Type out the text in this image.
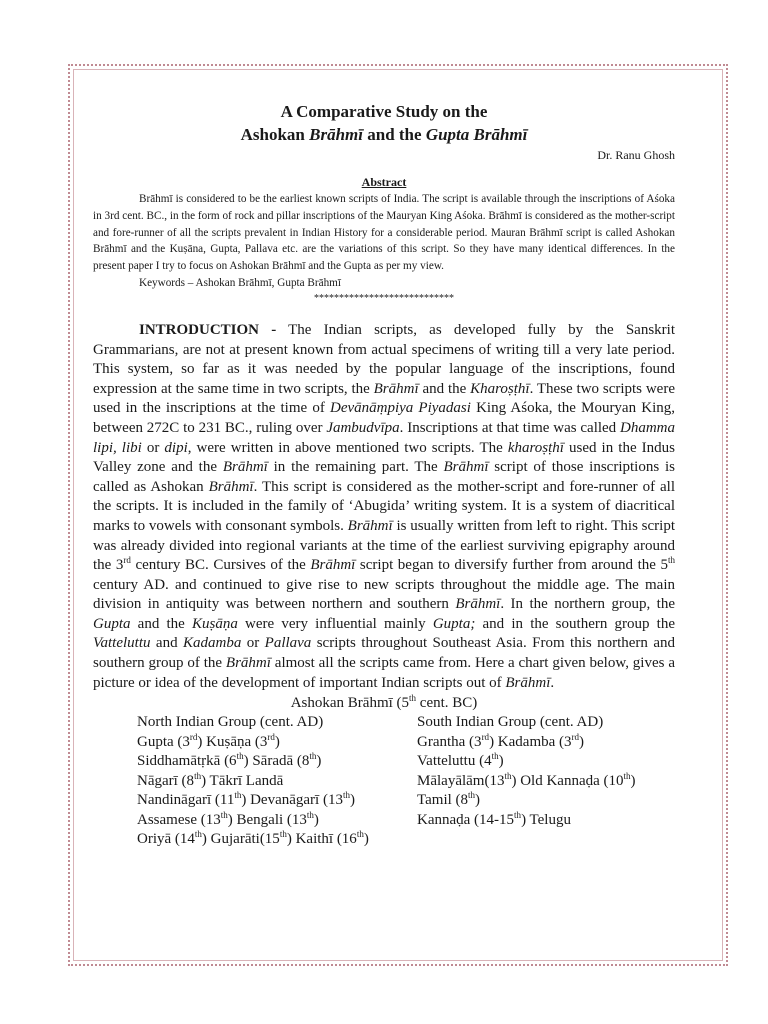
A Comparative Study on the
Ashokan Brāhmī and the Gupta Brāhmī
Dr. Ranu Ghosh
Abstract
Brāhmī is considered to be the earliest known scripts of India. The script is available through the inscriptions of Aśoka in 3rd cent. BC., in the form of rock and pillar inscriptions of the Mauryan King Aśoka. Brāhmī is considered as the mother-script and fore-runner of all the scripts prevalent in Indian History for a considerable period. Mauran Brāhmī script is called Ashokan Brāhmī and the Kuṣāna, Gupta, Pallava etc. are the variations of this script. So they have many identical differences. In the present paper I try to focus on Ashokan Brāhmī and the Gupta as per my view.
Keywords – Ashokan Brāhmī, Gupta Brāhmī
****************************
INTRODUCTION - The Indian scripts, as developed fully by the Sanskrit Grammarians, are not at present known from actual specimens of writing till a very late period. This system, so far as it was needed by the popular language of the inscriptions, found expression at the same time in two scripts, the Brāhmī and the Kharoṣṭhī. These two scripts were used in the inscriptions at the time of Devānāṃpiya Piyadasi King Aśoka, the Mouryan King, between 272C to 231 BC., ruling over Jambudvīpa. Inscriptions at that time was called Dhamma lipi, libi or dipi, were written in above mentioned two scripts. The kharoṣṭhī used in the Indus Valley zone and the Brāhmī in the remaining part. The Brāhmī script of those inscriptions is called as Ashokan Brāhmī. This script is considered as the mother-script and fore-runner of all the scripts. It is included in the family of ‘Abugida’ writing system. It is a system of diacritical marks to vowels with consonant symbols. Brāhmī is usually written from left to right. This script was already divided into regional variants at the time of the earliest surviving epigraphy around the 3rd century BC. Cursives of the Brāhmī script began to diversify further from around the 5th century AD. and continued to give rise to new scripts throughout the middle age. The main division in antiquity was between northern and southern Brāhmī. In the northern group, the Gupta and the Kuṣāṇa were very influential mainly Gupta; and in the southern group the Vatteluttu and Kadamba or Pallava scripts throughout Southeast Asia. From this northern and southern group of the Brāhmī almost all the scripts came from. Here a chart given below, gives a picture or idea of the development of important Indian scripts out of Brāhmī.
Ashokan Brāhmī (5th cent. BC)
North Indian Group (cent. AD)	South Indian Group (cent. AD)
Gupta (3rd) Kuṣāṇa (3rd)	Grantha (3rd) Kadamba (3rd)
Siddhamātṛkā (6th) Sāradā (8th)	Vatteluttu (4th)
Nāgarī (8th) Tākrī Landā	Mālayālām(13th) Old Kannaḍa (10th)
Nandināgarī (11th) Devanāgarī (13th)	Tamil (8th)
Assamese (13th) Bengali (13th)	Kannaḍa (14-15th) Telugu
Oriyā (14th) Gujarāti(15th) Kaithī (16th)	
